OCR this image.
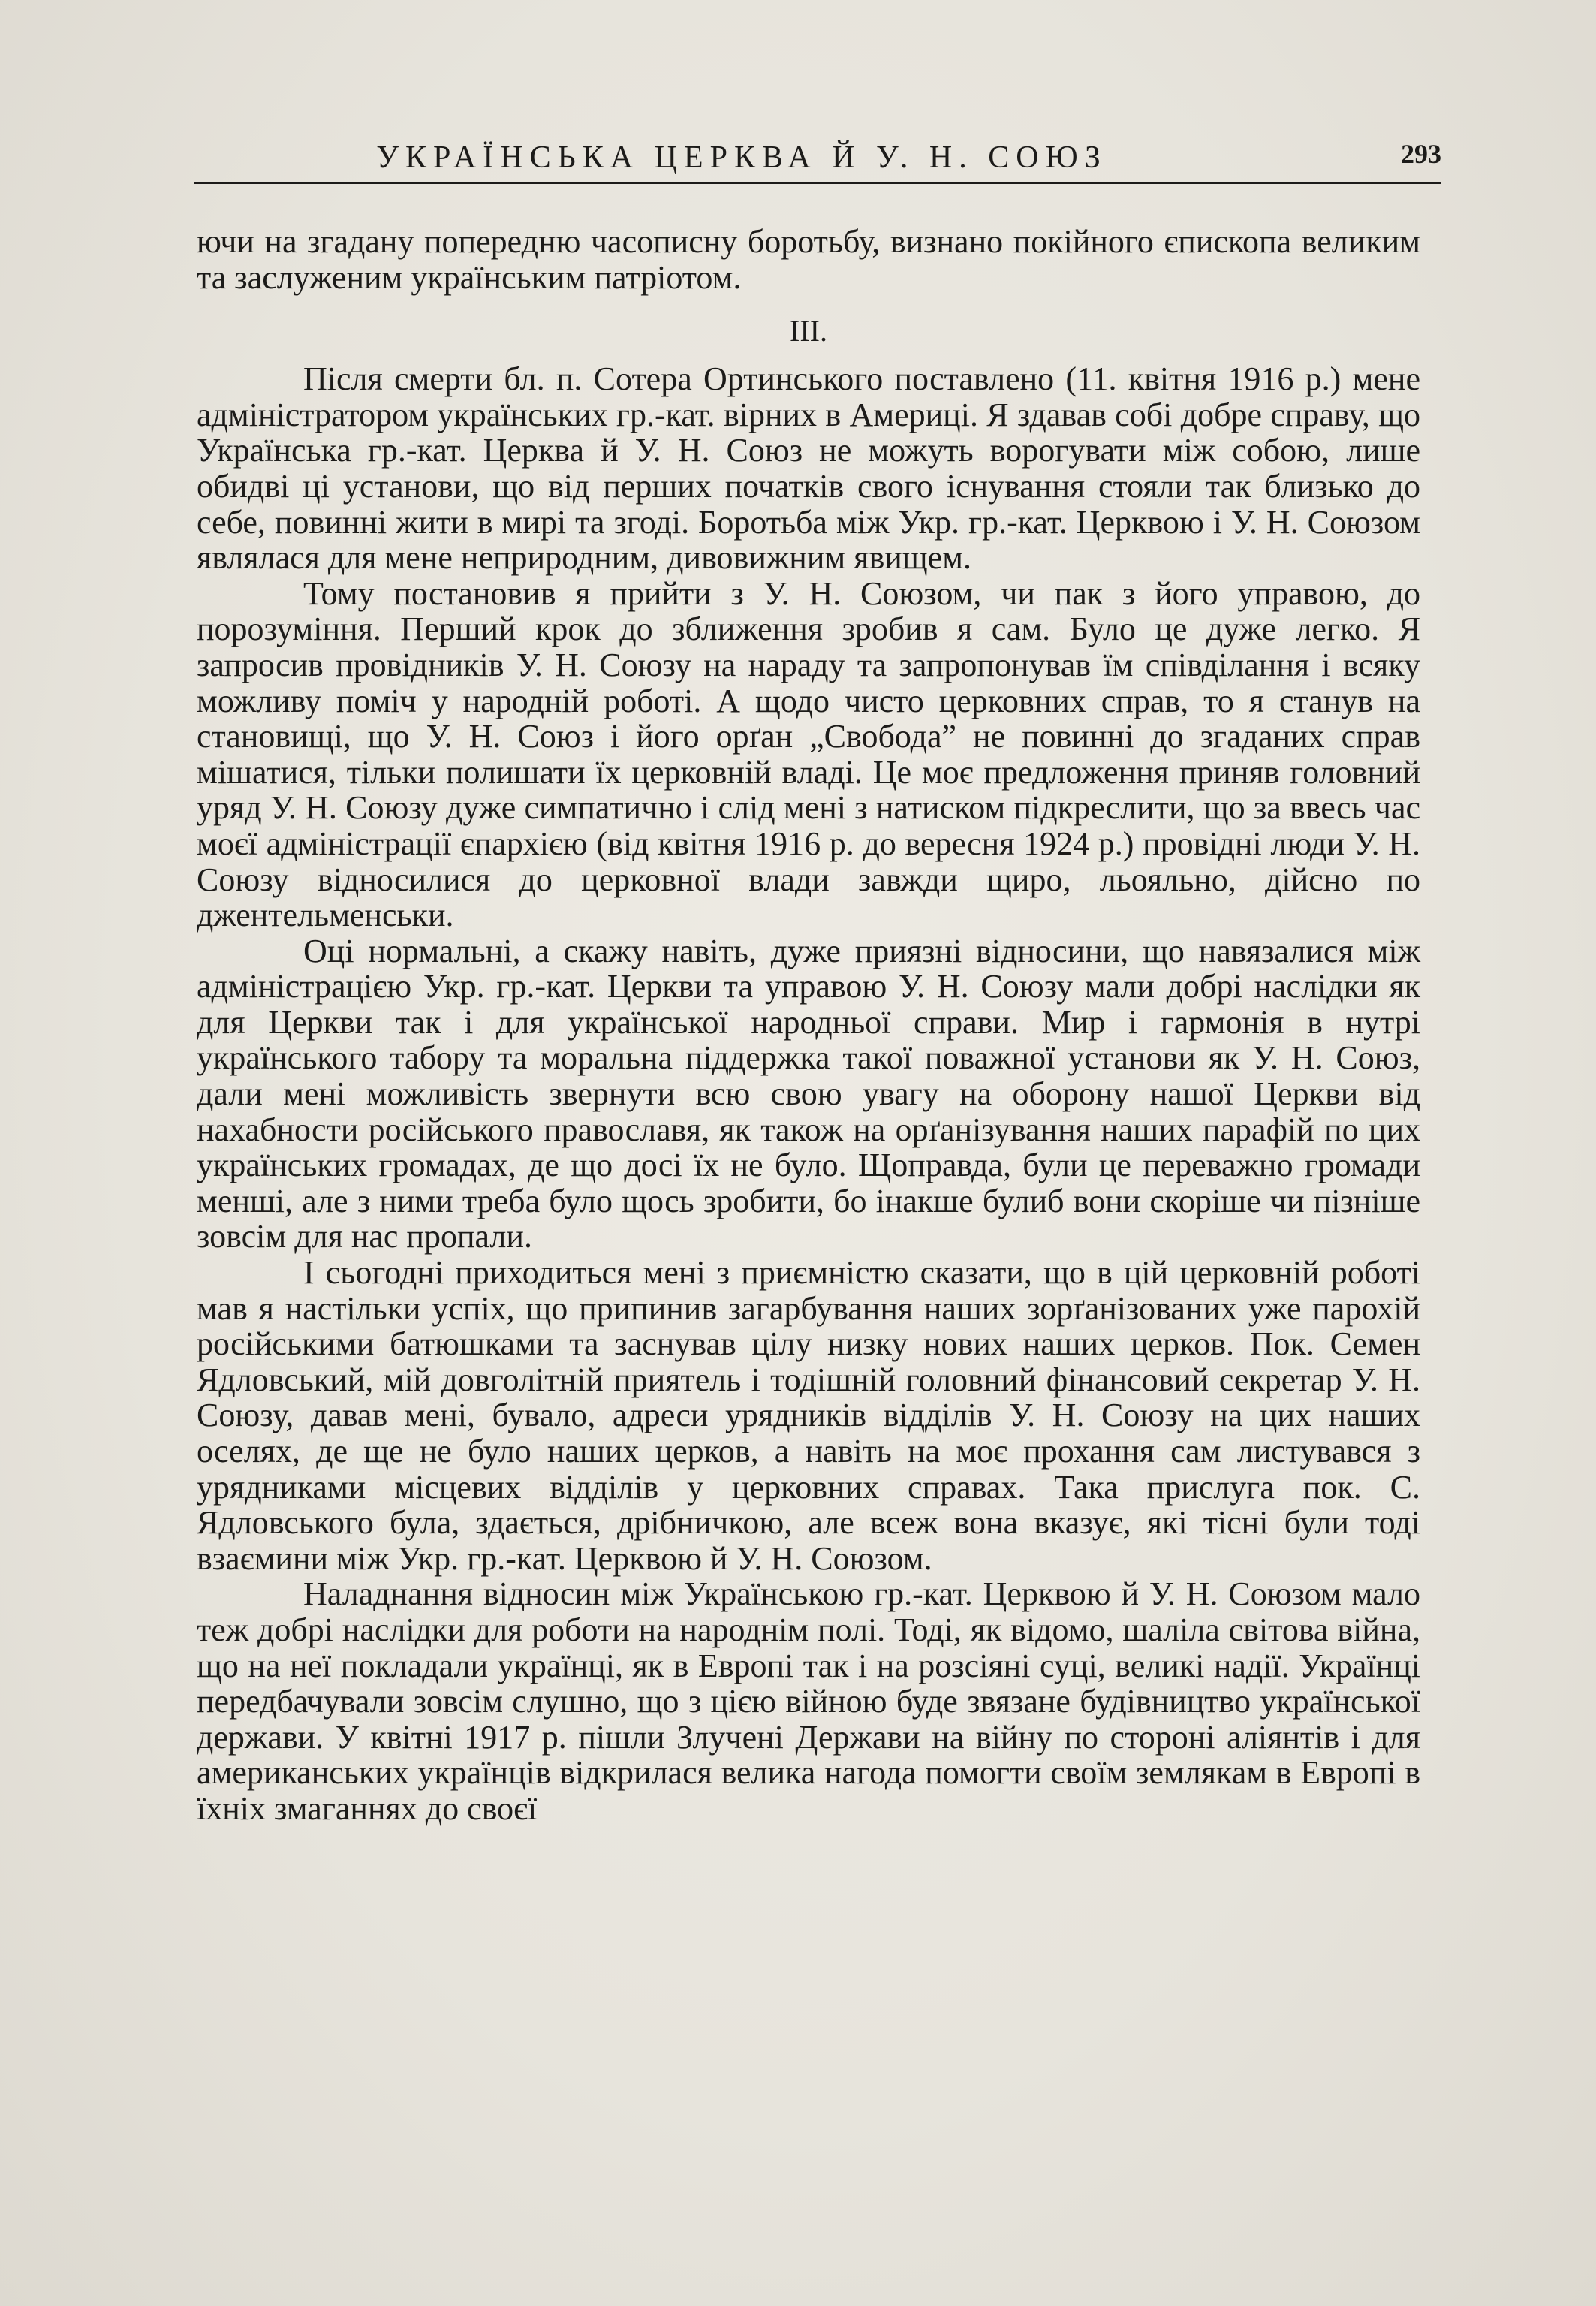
УКРАЇНСЬКА ЦЕРКВА Й У. Н. СОЮЗ	293

ючи на згадану попередню часописну боротьбу, визнано покійного єпископа великим та заслуженим українським патріотом.

III.

Після смерти бл. п. Сотера Ортинського поставлено (11. квітня 1916 р.) мене адміністратором українських гр.-кат. вірних в Америці. Я здавав собі добре справу, що Українська гр.-кат. Церква й У. Н. Союз не можуть ворогувати між собою, лише обидві ці установи, що від перших початків свого існування стояли так близько до себе, повинні жити в мирі та згоді. Боротьба між Укр. гр.-кат. Церквою і У. Н. Союзом являлася для мене неприродним, дивовижним явищем.

Тому постановив я прийти з У. Н. Союзом, чи пак з його управою, до порозуміння. Перший крок до зближення зробив я сам. Було це дуже легко. Я запросив провідників У. Н. Союзу на нараду та запропонував їм співділання і всяку можливу поміч у народній роботі. А щодо чисто церковних справ, то я станув на становищі, що У. Н. Союз і його орґан „Свобода” не повинні до згаданих справ мішатися, тільки полишати їх церковній владі. Це моє предложення приняв головний уряд У. Н. Союзу дуже симпатично і слід мені з натиском підкреслити, що за ввесь час моєї адміністрації єпархією (від квітня 1916 р. до вересня 1924 р.) провідні люди У. Н. Союзу відносилися до церковної влади завжди щиро, льояльно, дійсно по джентельменськи.

Оці нормальні, а скажу навіть, дуже приязні відносини, що навязалися між адміністрацією Укр. гр.-кат. Церкви та управою У. Н. Союзу мали добрі наслідки як для Церкви так і для української народньої справи. Мир і гармонія в нутрі українського табору та моральна піддержка такої поважної установи як У. Н. Союз, дали мені можливість звернути всю свою увагу на оборону нашої Церкви від нахабности російського православя, як також на орґанізування наших парафій по цих українських громадах, де що досі їх не було. Щоправда, були це переважно громади менші, але з ними треба було щось зробити, бо інакше булиб вони скоріше чи пізніше зовсім для нас пропали.

І сьогодні приходиться мені з приємністю сказати, що в цій церковній роботі мав я настільки успіх, що припинив загарбування наших зорґанізованих уже парохій російськими батюшками та заснував цілу низку нових наших церков. Пок. Семен Ядловський, мій довголітній приятель і тодішній головний фінансовий секретар У. Н. Союзу, давав мені, бувало, адреси урядників відділів У. Н. Союзу на цих наших оселях, де ще не було наших церков, а навіть на моє прохання сам листувався з урядниками місцевих відділів у церковних справах. Така прислуга пок. С. Ядловського була, здається, дрібничкою, але всеж вона вказує, які тісні були тоді взаємини між Укр. гр.-кат. Церквою й У. Н. Союзом.

Наладнання відносин між Українською гр.-кат. Церквою й У. Н. Союзом мало теж добрі наслідки для роботи на народнім полі. Тоді, як відомо, шаліла світова війна, що на неї покладали українці, як в Европі так і на розсіяні суці, великі надії. Українці передбачували зовсім слушно, що з цією війною буде звязане будівництво української держави. У квітні 1917 р. пішли Злучені Держави на війну по стороні аліянтів і для американських українців відкрилася велика нагода помогти своїм землякам в Европі в їхніх змаганнях до своєї
